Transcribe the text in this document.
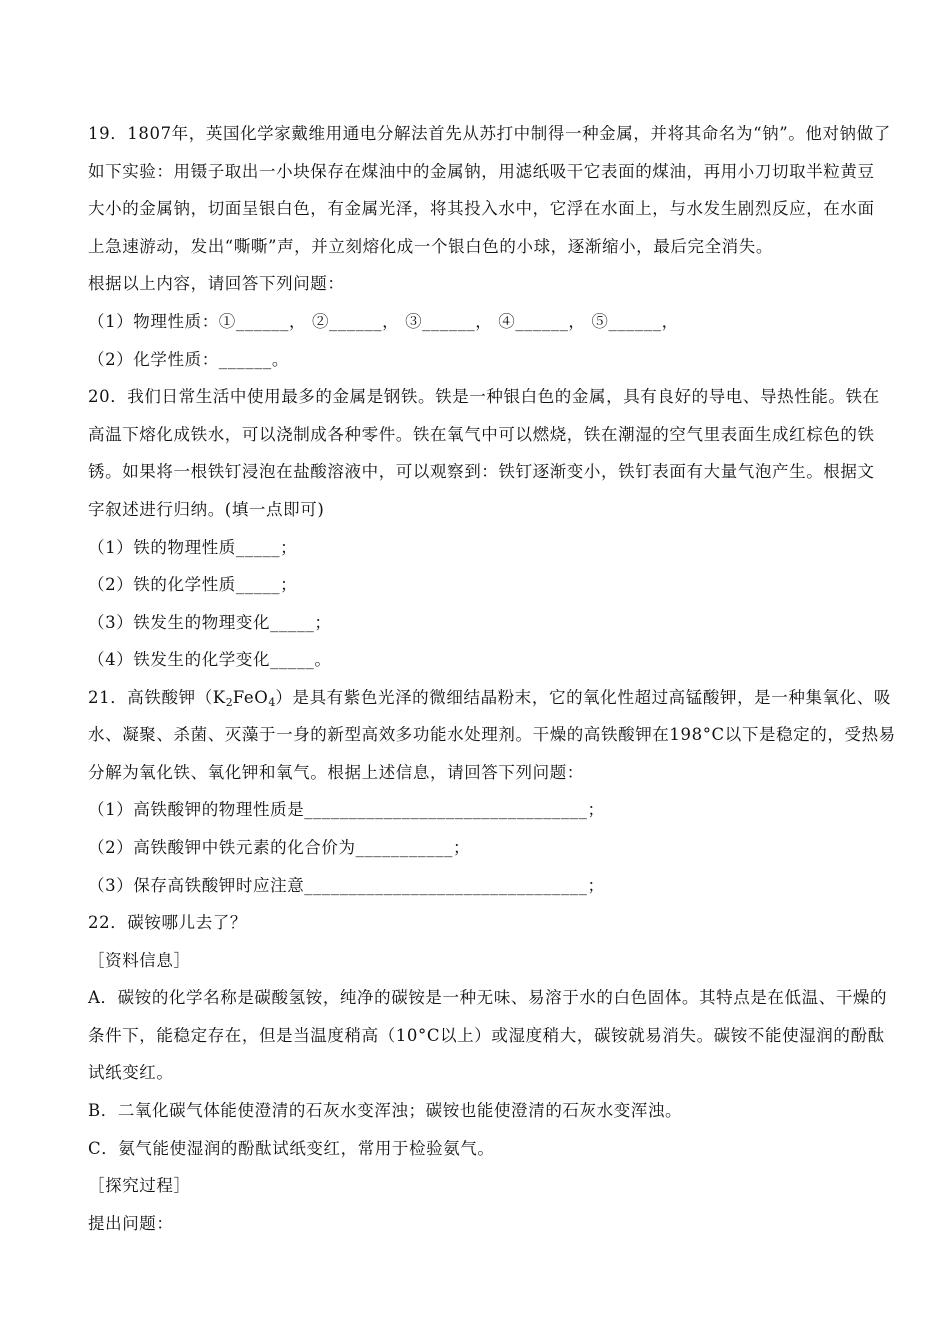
19．1807年，英国化学家戴维用通电分解法首先从苏打中制得一种金属，并将其命名为“钠”。他对钠做了
如下实验：用镊子取出一小块保存在煤油中的金属钠，用滤纸吸干它表面的煤油，再用小刀切取半粒黄豆
大小的金属钠，切面呈银白色，有金属光泽，将其投入水中，它浮在水面上，与水发生剧烈反应，在水面
上急速游动，发出“嘶嘶”声，并立刻熔化成一个银白色的小球，逐渐缩小，最后完全消失。
根据以上内容，请回答下列问题：
（1）物理性质：①______， ②______， ③______， ④______， ⑤______，
（2）化学性质：______。
20．我们日常生活中使用最多的金属是钢铁。铁是一种银白色的金属，具有良好的导电、导热性能。铁在
高温下熔化成铁水，可以浇制成各种零件。铁在氧气中可以燃烧，铁在潮湿的空气里表面生成红棕色的铁
锈。如果将一根铁钉浸泡在盐酸溶液中，可以观察到：铁钉逐渐变小，铁钉表面有大量气泡产生。根据文
字叙述进行归纳。(填一点即可)
（1）铁的物理性质_____；
（2）铁的化学性质_____；
（3）铁发生的物理变化_____；
（4）铁发生的化学变化_____。
21．高铁酸钾$(K_2FeO_4)$是具有紫色光泽的微细结晶粉末，它的氧化性超过高锰酸钾，是一种集氧化、吸
水、凝聚、杀菌、灭藻于一身的新型高效多功能水处理剂。干燥的高铁酸钾在198°C以下是稳定的，受热易
分解为氧化铁、氧化钾和氧气。根据上述信息，请回答下列问题：
（1）高铁酸钾的物理性质是________________________________；
（2）高铁酸钾中铁元素的化合价为___________；
（3）保存高铁酸钾时应注意________________________________；
22．碳铵哪儿去了？
［资料信息］
A．碳铵的化学名称是碳酸氢铵，纯净的碳铵是一种无味、易溶于水的白色固体。其特点是在低温、干燥的
条件下，能稳定存在，但是当温度稍高（10°C以上）或湿度稍大，碳铵就易消失。碳铵不能使湿润的酚酞
试纸变红。
B．二氧化碳气体能使澄清的石灰水变浑浊；碳铵也能使澄清的石灰水变浑浊。
C．氨气能使湿润的酚酞试纸变红，常用于检验氨气。
［探究过程］
提出问题：
